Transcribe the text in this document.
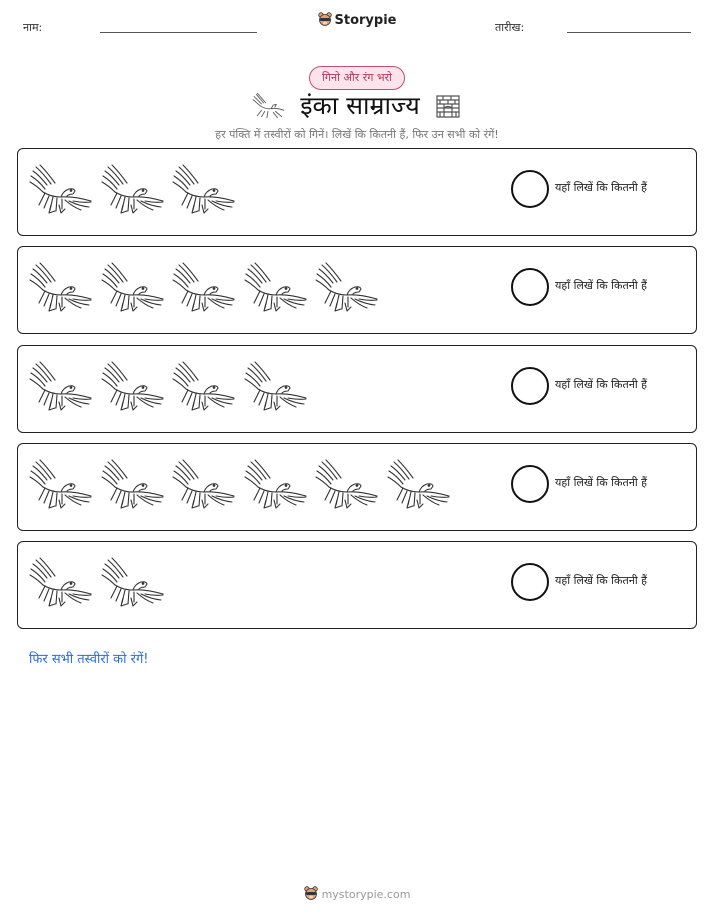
नाम:	Storypie	तारीख:
गिनो और रंग भरो
इंका साम्राज्य
हर पंक्ति में तस्वीरों को गिनें। लिखें कि कितनी हैं, फिर उन सभी को रंगें!
यहाँ लिखें कि कितनी हैं
यहाँ लिखें कि कितनी हैं
यहाँ लिखें कि कितनी हैं
यहाँ लिखें कि कितनी हैं
यहाँ लिखें कि कितनी हैं
फिर सभी तस्वीरों को रंगें!
mystorypie.com
